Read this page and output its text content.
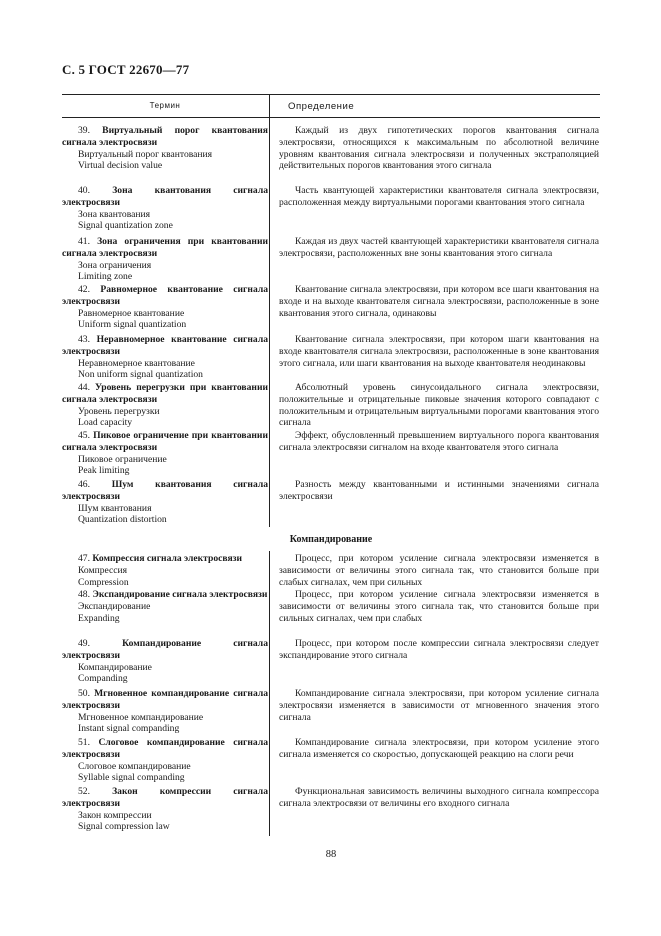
С. 5 ГОСТ 22670—77
Термин	Определение
39. Виртуальный порог квантования сигнала электросвязи
Виртуальный порог квантования
Virtual decision value
Каждый из двух гипотетических порогов квантования сигнала электросвязи, относящихся к максимальным по абсолютной величине уровням квантования сигнала электросвязи и полученных экстраполяцией действительных порогов квантования этого сигнала
40. Зона квантования сигнала электросвязи
Зона квантования
Signal quantization zone
Часть квантующей характеристики квантователя сигнала электросвязи, расположенная между виртуальными порогами квантования этого сигнала
41. Зона ограничения при квантовании сигнала электросвязи
Зона ограничения
Limiting zone
Каждая из двух частей квантующей характеристики квантователя сигнала электросвязи, расположенных вне зоны квантования этого сигнала
42. Равномерное квантование сигнала электросвязи
Равномерное квантование
Uniform signal quantization
Квантование сигнала электросвязи, при котором все шаги квантования на входе и на выходе квантователя сигнала электросвязи, расположенные в зоне квантования этого сигнала, одинаковы
43. Неравномерное квантование сигнала электросвязи
Неравномерное квантование
Non uniform signal quantization
Квантование сигнала электросвязи, при котором шаги квантования на входе квантователя сигнала электросвязи, расположенные в зоне квантования этого сигнала, или шаги квантования на выходе квантователя неодинаковы
44. Уровень перегрузки при квантовании сигнала электросвязи
Уровень перегрузки
Load capacity
Абсолютный уровень синусоидального сигнала электросвязи, положительные и отрицательные пиковые значения которого совпадают с положительным и отрицательным виртуальными порогами квантования этого сигнала
45. Пиковое ограничение при квантовании сигнала электросвязи
Пиковое ограничение
Peak limiting
Эффект, обусловленный превышением виртуального порога квантования сигнала электросвязи сигналом на входе квантователя этого сигнала
46. Шум квантования сигнала электросвязи
Шум квантования
Quantization distortion
Разность между квантованными и истинными значениями сигнала электросвязи
Компандирование
47. Компрессия сигнала электросвязи
Компрессия
Compression
Процесс, при котором усиление сигнала электросвязи изменяется в зависимости от величины этого сигнала так, что становится больше при слабых сигналах, чем при сильных
48. Экспандирование сигнала электросвязи
Экспандирование
Expanding
Процесс, при котором усиление сигнала электросвязи изменяется в зависимости от величины этого сигнала так, что становится больше при сильных сигналах, чем при слабых
49.	Компандирование сигнала электросвязи
Компандирование
Companding
Процесс, при котором после компрессии сигнала электросвязи следует экспандирование этого сигнала
50. Мгновенное компандирование сигнала электросвязи
Мгновенное компандирование
Instant signal companding
Компандирование сигнала электросвязи, при котором усиление сигнала электросвязи изменяется в зависимости от мгновенного значения этого сигнала
51. Слоговое компандирование сигнала электросвязи
Слоговое компандирование
Syllable signal companding
Компандирование сигнала электросвязи, при котором усиление этого сигнала изменяется со скоростью, допускающей реакцию на слоги речи
52. Закон компрессии сигнала электросвязи
Закон компрессии
Signal compression law
Функциональная зависимость величины выходного сигнала компрессора сигнала электросвязи от величины его входного сигнала
88
